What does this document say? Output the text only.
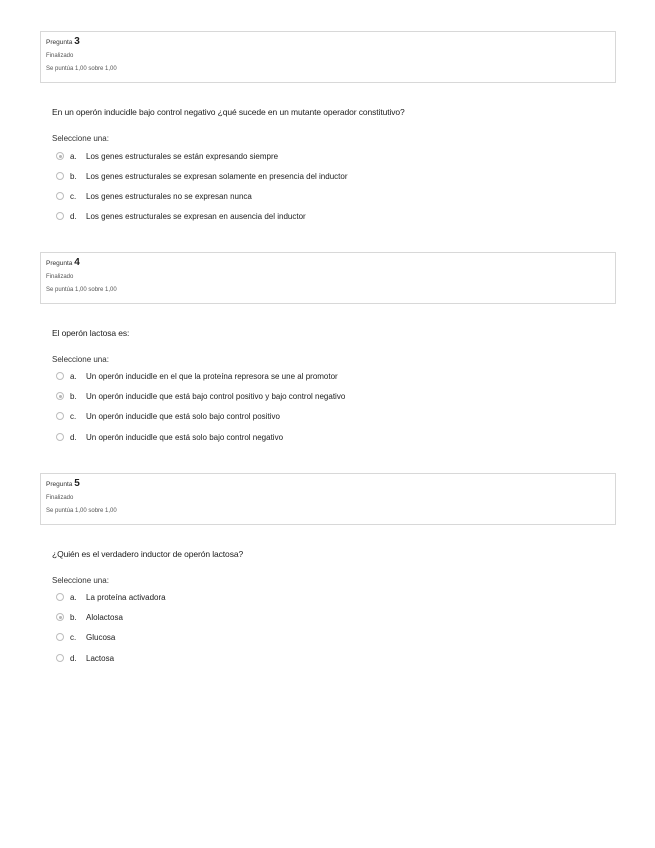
Pregunta 3
Finalizado
Se puntúa 1,00 sobre 1,00
En un operón inducidle bajo control negativo ¿qué sucede en un mutante operador constitutivo?
Seleccione una:
a.	Los genes estructurales se están expresando siempre
b.	Los genes estructurales se expresan solamente en presencia del inductor
c.	Los genes estructurales no se expresan nunca
d.	Los genes estructurales se expresan en ausencia del inductor
Pregunta 4
Finalizado
Se puntúa 1,00 sobre 1,00
El operón lactosa es:
Seleccione una:
a.	Un operón inducidle en el que la proteína represora se une al promotor
b.	Un operón inducidle que está bajo control positivo y bajo control negativo
c.	Un operón inducidle que está solo bajo control positivo
d.	Un operón inducidle que está solo bajo control negativo
Pregunta 5
Finalizado
Se puntúa 1,00 sobre 1,00
¿Quién es el verdadero inductor de operón lactosa?
Seleccione una:
a.	La proteína activadora
b.	Alolactosa
c.	Glucosa
d.	Lactosa
